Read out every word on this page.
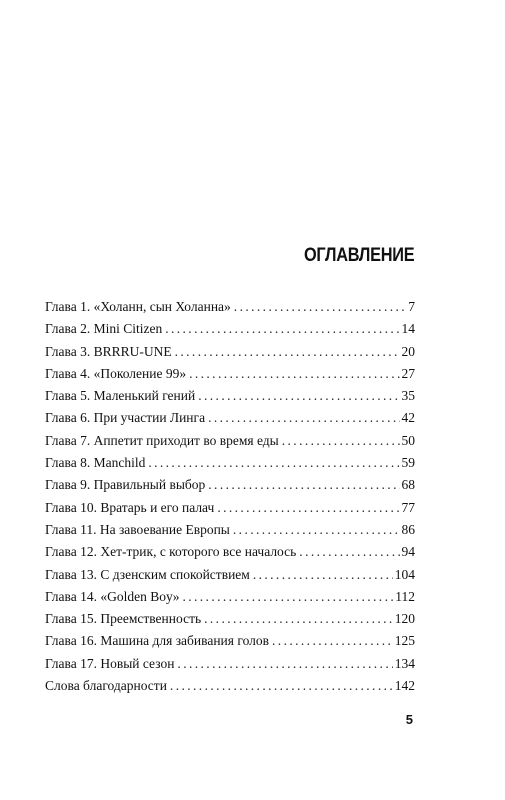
ОГЛАВЛЕНИЕ
Глава 1. «Холанн, сын Холанна» .....	7
Глава 2. Mini Citizen .....	14
Глава 3. BRRRU-UNE .....	20
Глава 4. «Поколение 99» .....	27
Глава 5. Маленький гений .....	35
Глава 6. При участии Линга .....	42
Глава 7. Аппетит приходит во время еды .....	50
Глава 8. Manchild .....	59
Глава 9. Правильный выбор .....	68
Глава 10. Вратарь и его палач .....	77
Глава 11. На завоевание Европы .....	86
Глава 12. Хет-трик, с которого все началось .....	94
Глава 13. С дзенским спокойствием .....	104
Глава 14. «Golden Boy» .....	112
Глава 15. Преемственность .....	120
Глава 16. Машина для забивания голов .....	125
Глава 17. Новый сезон .....	134
Слова благодарности .....	142
5
